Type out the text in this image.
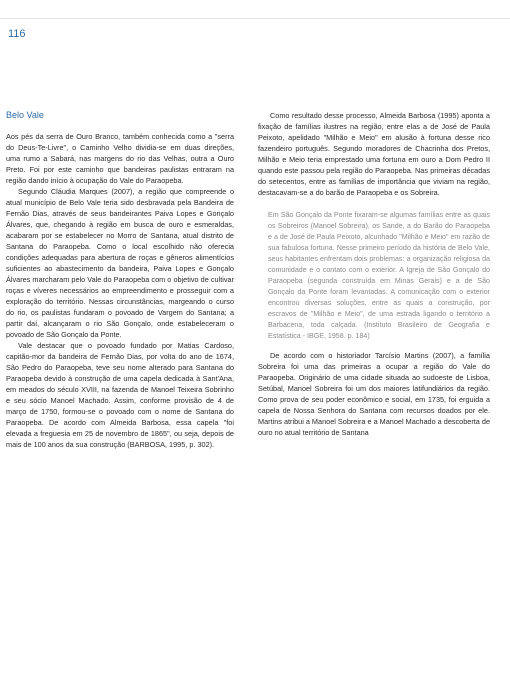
116
Belo Vale

Aos pés da serra de Ouro Branco, também conhecida como a "serra do Deus-Te-Livre", o Caminho Velho dividia-se em duas direções, uma rumo a Sabará, nas margens do rio das Velhas, outra a Ouro Preto. Foi por este caminho que bandeiras paulistas entraram na região dando início à ocupação do Vale do Paraopeba.

Segundo Cláudia Marques (2007), a região que compreende o atual município de Belo Vale teria sido desbravada pela Bandeira de Fernão Dias, através de seus bandeirantes Paiva Lopes e Gonçalo Álvares, que, chegando à região em busca de ouro e esmeraldas, acabaram por se estabelecer no Morro de Santana, atual distrito de Santana do Paraopeba. Como o local escolhido não oferecia condições adequadas para abertura de roças e gêneros alimentícios suficientes ao abastecimento da bandeira, Paiva Lopes e Gonçalo Álvares marcharam pelo Vale do Paraopeba com o objetivo de cultivar roças e víveres necessários ao empreendimento e prosseguir com a exploração do território. Nessas circunstâncias, margeando o curso do rio, os paulistas fundaram o povoado de Vargem do Santana; a partir daí, alcançaram o rio São Gonçalo, onde estabeleceram o povoado de São Gonçalo da Ponte.

Vale destacar que o povoado fundado por Matias Cardoso, capitão-mor da bandeira de Fernão Dias, por volta do ano de 1674, São Pedro do Paraopeba, teve seu nome alterado para Santana do Paraopeba devido à construção de uma capela dedicada à Sant'Ana, em meados do século XVIII, na fazenda de Manoel Teixeira Sobrinho e seu sócio Manoel Machado. Assim, conforme provisão de 4 de março de 1750, formou-se o povoado com o nome de Santana do Paraopeba. De acordo com Almeida Barbosa, essa capela "foi elevada a freguesia em 25 de novembro de 1865", ou seja, depois de mais de 100 anos da sua construção (BARBOSA, 1995, p. 302).

Como resultado desse processo, Almeida Barbosa (1995) aponta a fixação de famílias ilustres na região, entre elas a de José de Paula Peixoto, apelidado "Milhão e Meio" em alusão à fortuna desse rico fazendeiro português. Segundo moradores de Chacrinha dos Pretos, Milhão e Meio teria emprestado uma fortuna em ouro a Dom Pedro II quando este passou pela região do Paraopeba. Nas primeiras décadas do setecentos, entre as famílias de importância que viviam na região, destacavam-se a do barão de Paraopeba e os Sobreira.

Em São Gonçalo da Ponte fixaram-se algumas famílias entre as quais os Sobreiros (Manoel Sobreira), os Sande, a do Barão do Paraopeba e a de José de Paula Peixoto, alcunhado "Milhão e Meio" em razão de sua fabulosa fortuna. Nesse primeiro período da história de Belo Vale, seus habitantes enfrentam dois problemas: a organização religiosa da comunidade e o contato com o exterior. A Igreja de São Gonçalo do Paraopeba (segunda construída em Minas Gerais) e a de São Gonçalo da Ponte foram levantadas. A comunicação com o exterior encontrou diversas soluções, entre as quais a construção, por escravos de "Milhão e Meio", de uma estrada ligando o território a Barbacena, toda calçada. (Instituto Brasileiro de Geografia e Estatística - IBGE, 1958. p. 184)

De acordo com o historiador Tarcísio Martins (2007), a família Sobreira foi uma das primeiras a ocupar a região do Vale do Paraopeba. Originário de uma cidade situada ao sudoeste de Lisboa, Setúbal, Manoel Sobreira foi um dos maiores latifundiários da região. Como prova de seu poder econômico e social, em 1735, foi erguida a capela de Nossa Senhora do Santana com recursos doados por ele. Martins atribui a Manoel Sobreira e a Manoel Machado a descoberta de ouro no atual território de Santana
